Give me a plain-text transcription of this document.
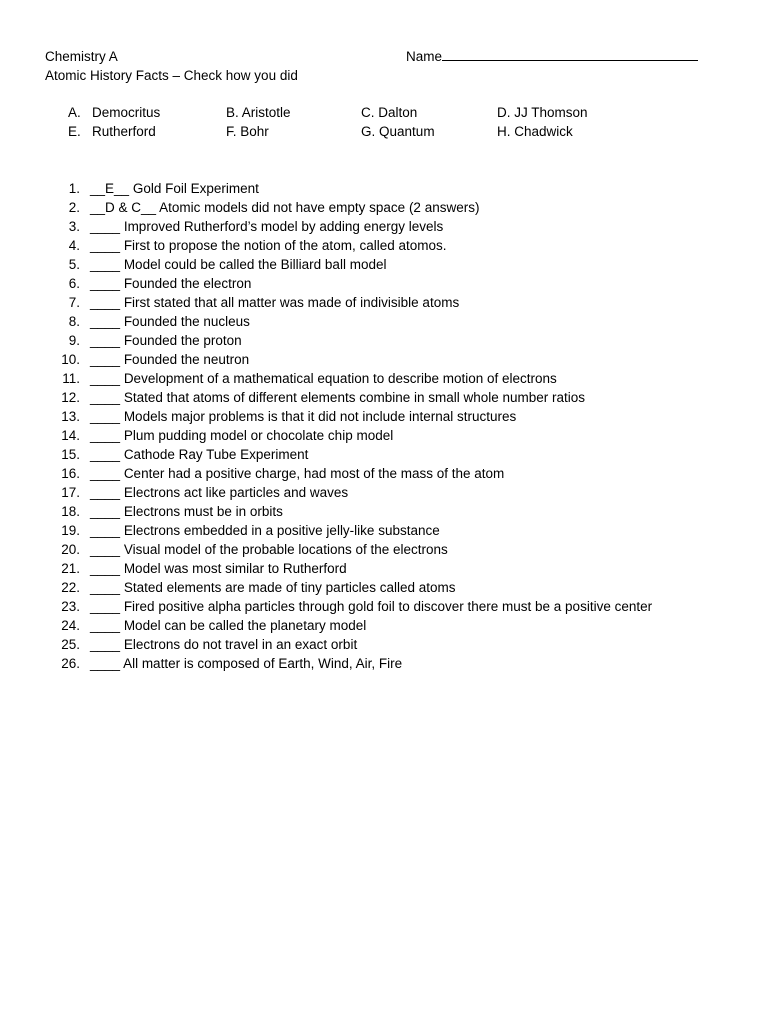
Chemistry A	Name
Atomic History Facts – Check how you did
A. Democritus	B. Aristotle	C. Dalton	D. JJ Thomson
E. Rutherford	F. Bohr	G. Quantum	H. Chadwick
1. __E__ Gold Foil Experiment
2. __D & C__ Atomic models did not have empty space (2 answers)
3. ____ Improved Rutherford’s model by adding energy levels
4. ____ First to propose the notion of the atom, called atomos.
5. ____ Model could be called the Billiard ball model
6. ____ Founded the electron
7. ____ First stated that all matter was made of indivisible atoms
8. ____ Founded the nucleus
9. ____ Founded the proton
10. ____ Founded the neutron
11. ____ Development of a mathematical equation to describe motion of electrons
12. ____ Stated that atoms of different elements combine in small whole number ratios
13. ____ Models major problems is that it did not include internal structures
14. ____ Plum pudding model or chocolate chip model
15. ____ Cathode Ray Tube Experiment
16. ____ Center had a positive charge, had most of the mass of the atom
17. ____ Electrons act like particles and waves
18. ____ Electrons must be in orbits
19. ____ Electrons embedded in a positive jelly-like substance
20. ____ Visual model of the probable locations of the electrons
21. ____ Model was most similar to Rutherford
22. ____ Stated elements are made of tiny particles called atoms
23. ____ Fired positive alpha particles through gold foil to discover there must be a positive center
24. ____ Model can be called the planetary model
25. ____ Electrons do not travel in an exact orbit
26. ____ All matter is composed of Earth, Wind, Air, Fire
